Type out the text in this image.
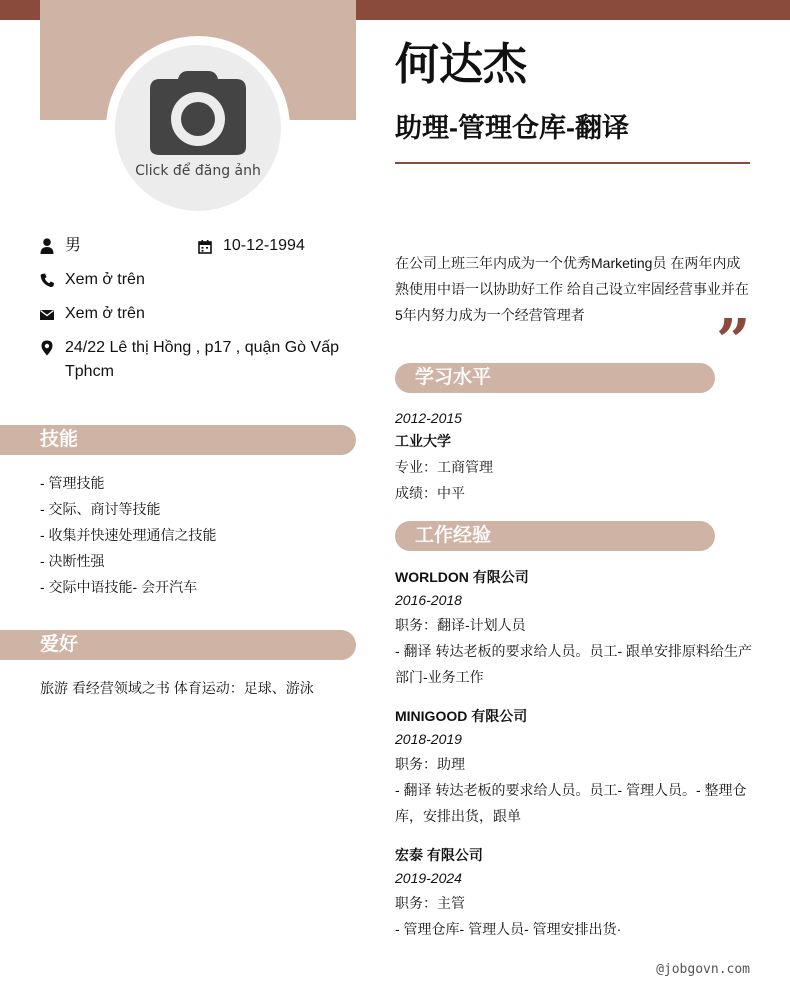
Click để đăng ảnh
何达杰
助理-管理仓库-翻译
男	10-12-1994
Xem ở trên
Xem ở trên
24/22 Lê thị Hồng , p17 , quận Gò Vấp
Tphcm
技能
- 管理技能
- 交际、商讨等技能
- 收集并快速处理通信之技能
- 决断性强
- 交际中语技能- 会开汽车
爱好
旅游 看经营领域之书 体育运动：足球、游泳
在公司上班三年内成为一个优秀Marketing员 在两年内成
熟使用中语一以协助好工作 给自己设立牢固经营事业并在
5年内努力成为一个经营管理者	”
学习水平
2012-2015
工业大学
专业：工商管理
成绩：中平
工作经验
WORLDON 有限公司
2016-2018
职务：翻译-计划人员
- 翻译 转达老板的要求给人员。员工- 跟单安排原料给生产
部门-业务工作
MINIGOOD 有限公司
2018-2019
职务：助理
- 翻译 转达老板的要求给人员。员工- 管理人员。- 整理仓
库，安排出货，跟单
宏泰 有限公司
2019-2024
职务：主管
- 管理仓库- 管理人员- 管理安排出货·
@jobgovn.com
